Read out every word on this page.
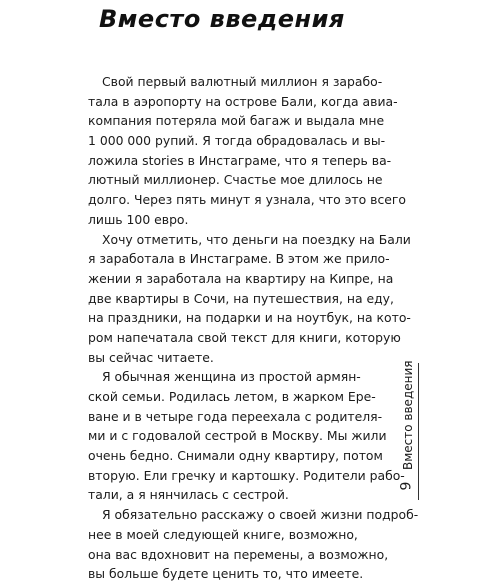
Вместо введения

Свой первый валютный миллион я зарабо-
тала в аэропорту на острове Бали, когда авиа-
компания потеряла мой багаж и выдала мне
1 000 000 рупий. Я тогда обрадовалась и вы-
ложила stories в Инстаграме, что я теперь ва-
лютный миллионер. Счастье мое длилось не
долго. Через пять минут я узнала, что это всего
лишь 100 евро.

Хочу отметить, что деньги на поездку на Бали
я заработала в Инстаграме. В этом же прило-
жении я заработала на квартиру на Кипре, на
две квартиры в Сочи, на путешествия, на еду,
на праздники, на подарки и на ноутбук, на кото-
ром напечатала свой текст для книги, которую
вы сейчас читаете.

Я обычная женщина из простой армян-
ской семьи. Родилась летом, в жарком Ере-
ване и в четыре года переехала с родителя-
ми и с годовалой сестрой в Москву. Мы жили
очень бедно. Снимали одну квартиру, потом
вторую. Ели гречку и картошку. Родители рабо-
тали, а я нянчилась с сестрой.

Я обязательно расскажу о своей жизни подроб-
нее в моей следующей книге, возможно,
она вас вдохновит на перемены, а возможно,
вы больше будете ценить то, что имеете.

Вместо введения
9
